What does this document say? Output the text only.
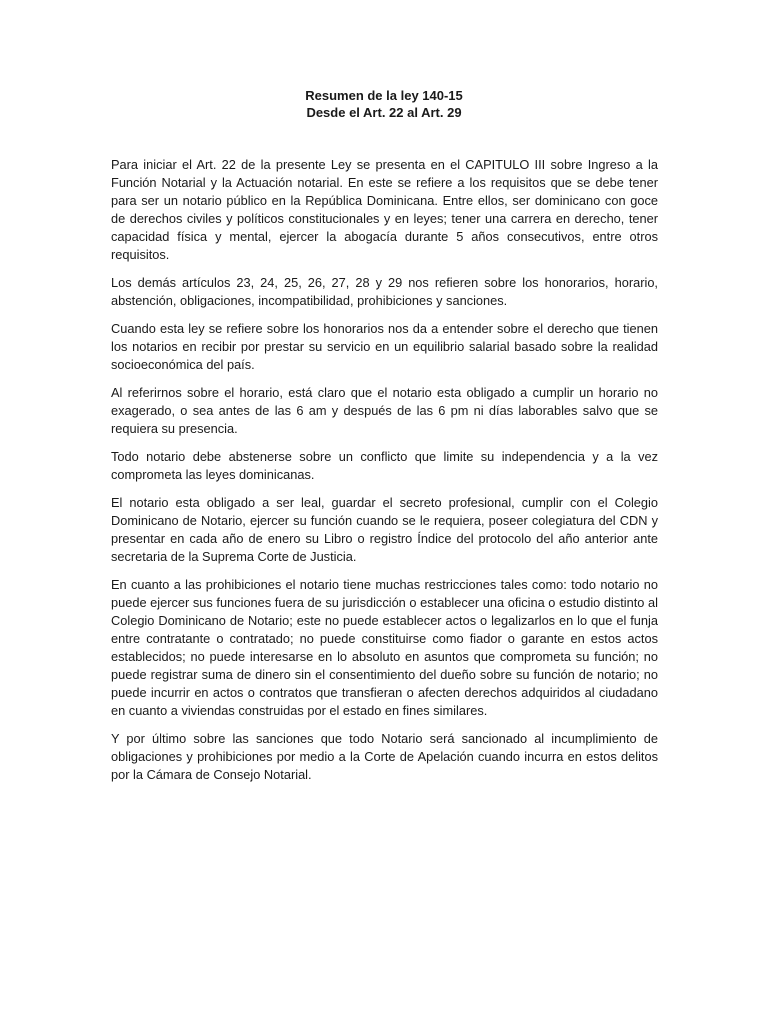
Resumen de la ley 140-15

Desde el Art. 22 al Art. 29

Para iniciar el Art. 22 de la presente Ley se presenta en el CAPITULO III sobre Ingreso a la Función Notarial y la Actuación notarial. En este se refiere a los requisitos que se debe tener para ser un notario público en la República Dominicana. Entre ellos, ser dominicano con goce de derechos civiles y políticos constitucionales y en leyes; tener una carrera en derecho, tener capacidad física y mental, ejercer la abogacía durante 5 años consecutivos, entre otros requisitos.

Los demás artículos 23, 24, 25, 26, 27, 28 y 29 nos refieren sobre los honorarios, horario, abstención, obligaciones, incompatibilidad, prohibiciones y sanciones.

Cuando esta ley se refiere sobre los honorarios nos da a entender sobre el derecho que tienen los notarios en recibir por prestar su servicio en un equilibrio salarial basado sobre la realidad socioeconómica del país.

Al referirnos sobre el horario, está claro que el notario esta obligado a cumplir un horario no exagerado, o sea antes de las 6 am y después de las 6 pm ni días laborables salvo que se requiera su presencia.

Todo notario debe abstenerse sobre un conflicto que limite su independencia y a la vez comprometa las leyes dominicanas.

El notario esta obligado a ser leal, guardar el secreto profesional, cumplir con el Colegio Dominicano de Notario, ejercer su función cuando se le requiera, poseer colegiatura del CDN y presentar en cada año de enero su Libro o registro Índice del protocolo del año anterior ante secretaria de la Suprema Corte de Justicia.

En cuanto a las prohibiciones el notario tiene muchas restricciones tales como: todo notario no puede ejercer sus funciones fuera de su jurisdicción o establecer una oficina o estudio distinto al Colegio Dominicano de Notario; este no puede establecer actos o legalizarlos en lo que el funja entre contratante o contratado; no puede constituirse como fiador o garante en estos actos establecidos; no puede interesarse en lo absoluto en asuntos que comprometa su función; no puede registrar suma de dinero sin el consentimiento del dueño sobre su función de notario; no puede incurrir en actos o contratos que transfieran o afecten derechos adquiridos al ciudadano en cuanto a viviendas construidas por el estado en fines similares.

Y por último sobre las sanciones que todo Notario será sancionado al incumplimiento de obligaciones y prohibiciones por medio a la Corte de Apelación cuando incurra en estos delitos por la Cámara de Consejo Notarial.
